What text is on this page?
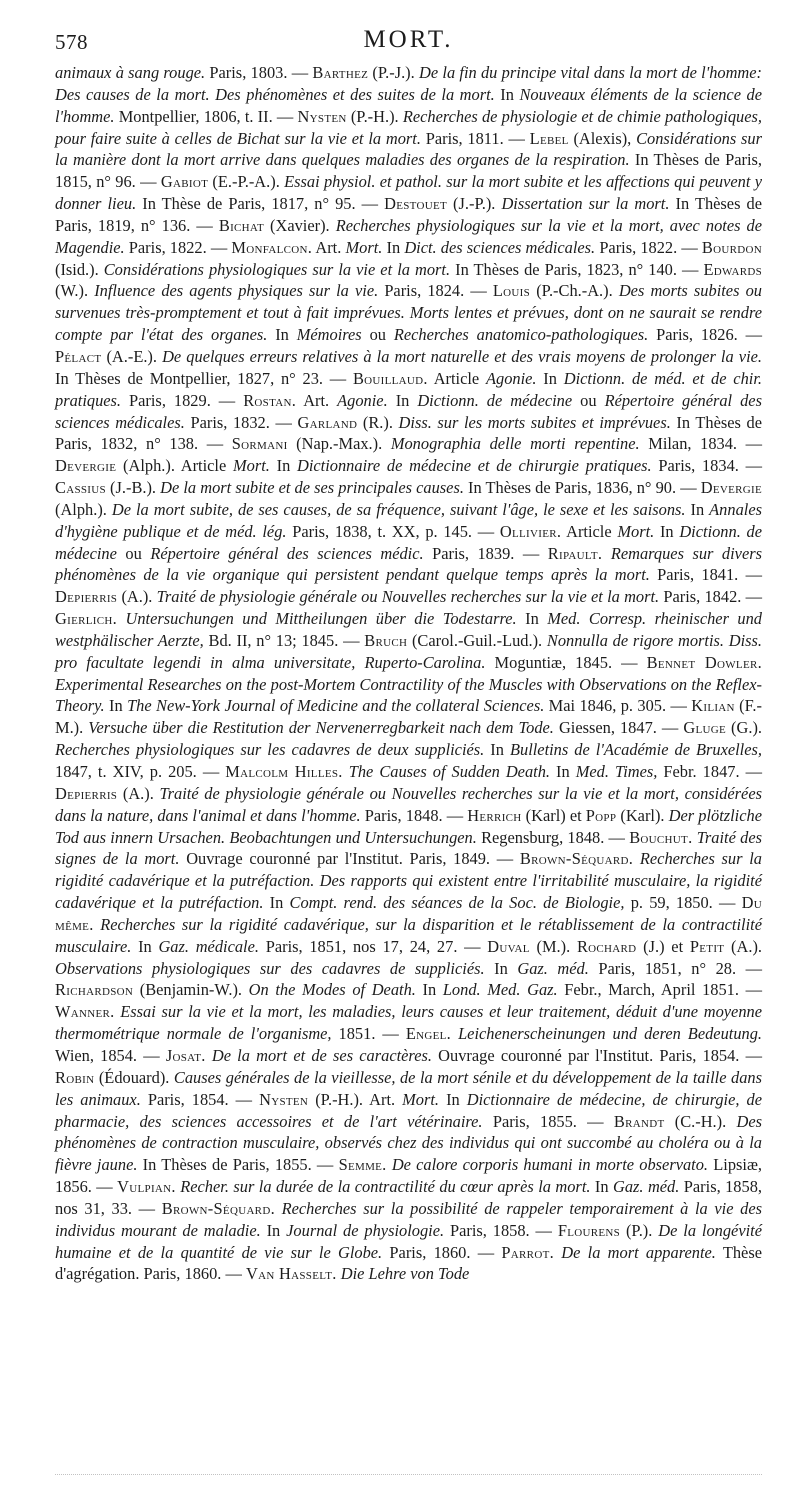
578	MORT.

animaux à sang rouge. Paris, 1803. — Barthez (P.-J.). De la fin du principe vital dans la mort de l'homme: Des causes de la mort. Des phénomènes et des suites de la mort. In Nouveaux éléments de la science de l'homme. Montpellier, 1806, t. II. — Nysten (P.-H.). Recherches de physiologie et de chimie pathologiques, pour faire suite à celles de Bichat sur la vie et la mort. Paris, 1811. — Lebel (Alexis), Considérations sur la manière dont la mort arrive dans quelques maladies des organes de la respiration. In Thèses de Paris, 1815, n° 96. — Gabiot (E.-P.-A.). Essai physiol. et pathol. sur la mort subite et les affections qui peuvent y donner lieu. In Thèse de Paris, 1817, n° 95. — Destouet (J.-P.). Dissertation sur la mort. In Thèses de Paris, 1819, n° 136. — Bichat (Xavier). Recherches physiologiques sur la vie et la mort, avec notes de Magendie. Paris, 1822. — Monfalcon. Art. Mort. In Dict. des sciences médicales. Paris, 1822. — Bourdon (Isid.). Considérations physiologiques sur la vie et la mort. In Thèses de Paris, 1823, n° 140. — Edwards (W.). Influence des agents physiques sur la vie. Paris, 1824. — Louis (P.-Ch.-A.). Des morts subites ou survenues très-promptement et tout à fait imprévues. Morts lentes et prévues, dont on ne saurait se rendre compte par l'état des organes. In Mémoires ou Recherches anatomico-pathologiques. Paris, 1826. — Pélact (A.-E.). De quelques erreurs relatives à la mort naturelle et des vrais moyens de prolonger la vie. In Thèses de Montpellier, 1827, n° 23. — Bouillaud. Article Agonie. In Dictionn. de méd. et de chir. pratiques. Paris, 1829. — Rostan. Art. Agonie. In Dictionn. de médecine ou Répertoire général des sciences médicales. Paris, 1832. — Garland (R.). Diss. sur les morts subites et imprévues. In Thèses de Paris, 1832, n° 138. — Sormani (Nap.-Max.). Monographia delle morti repentine. Milan, 1834. — Devergie (Alph.). Article Mort. In Dictionnaire de médecine et de chirurgie pratiques. Paris, 1834. — Cassius (J.-B.). De la mort subite et de ses principales causes. In Thèses de Paris, 1836, n° 90. — Devergie (Alph.). De la mort subite, de ses causes, de sa fréquence, suivant l'âge, le sexe et les saisons. In Annales d'hygiène publique et de méd. lég. Paris, 1838, t. XX, p. 145. — Ollivier. Article Mort. In Dictionn. de médecine ou Répertoire général des sciences médic. Paris, 1839. — Ripault. Remarques sur divers phénomènes de la vie organique qui persistent pendant quelque temps après la mort. Paris, 1841. — Depierris (A.). Traité de physiologie générale ou Nouvelles recherches sur la vie et la mort. Paris, 1842. — Gierlich. Untersuchungen und Mittheilungen über die Todestarre. In Med. Corresp. rheinischer und westphälischer Aerzte, Bd. II, n° 13; 1845. — Bruch (Carol.-Guil.-Lud.). Nonnulla de rigore mortis. Diss. pro facultate legendi in alma universitate, Ruperto-Carolina. Moguntiæ, 1845. — Bennet Dowler. Experimental Researches on the post-Mortem Contractility of the Muscles with Observations on the Reflex-Theory. In The New-York Journal of Medicine and the collateral Sciences. Mai 1846, p. 305. — Kilian (F.-M.). Versuche über die Restitution der Nervenerregbarkeit nach dem Tode. Giessen, 1847. — Gluge (G.). Recherches physiologiques sur les cadavres de deux suppliciés. In Bulletins de l'Académie de Bruxelles, 1847, t. XIV, p. 205. — Malcolm Hilles. The Causes of Sudden Death. In Med. Times, Febr. 1847. — Depierris (A.). Traité de physiologie générale ou Nouvelles recherches sur la vie et la mort, considérées dans la nature, dans l'animal et dans l'homme. Paris, 1848. — Herrich (Karl) et Popp (Karl). Der plötzliche Tod aus innern Ursachen. Beobachtungen und Untersuchungen. Regensburg, 1848. — Bouchut. Traité des signes de la mort. Ouvrage couronné par l'Institut. Paris, 1849. — Brown-Séquard. Recherches sur la rigidité cadavérique et la putréfaction. Des rapports qui existent entre l'irritabilité musculaire, la rigidité cadavérique et la putréfaction. In Compt. rend. des séances de la Soc. de Biologie, p. 59, 1850. — Du même. Recherches sur la rigidité cadavérique, sur la disparition et le rétablissement de la contractilité musculaire. In Gaz. médicale. Paris, 1851, nos 17, 24, 27. — Duval (M.). Rochard (J.) et Petit (A.). Observations physiologiques sur des cadavres de suppliciés. In Gaz. méd. Paris, 1851, n° 28. — Richardson (Benjamin-W.). On the Modes of Death. In Lond. Med. Gaz. Febr., March, April 1851. — Wanner. Essai sur la vie et la mort, les maladies, leurs causes et leur traitement, déduit d'une moyenne thermométrique normale de l'organisme, 1851. — Engel. Leichenerscheinungen und deren Bedeutung. Wien, 1854. — Josat. De la mort et de ses caractères. Ouvrage couronné par l'Institut. Paris, 1854. — Robin (Édouard). Causes générales de la vieillesse, de la mort sénile et du développement de la taille dans les animaux. Paris, 1854. — Nysten (P.-H.). Art. Mort. In Dictionnaire de médecine, de chirurgie, de pharmacie, des sciences accessoires et de l'art vétérinaire. Paris, 1855. — Brandt (C.-H.). Des phénomènes de contraction musculaire, observés chez des individus qui ont succombé au choléra ou à la fièvre jaune. In Thèses de Paris, 1855. — Semme. De calore corporis humani in morte observato. Lipsiæ, 1856. — Vulpian. Recher. sur la durée de la contractilité du cœur après la mort. In Gaz. méd. Paris, 1858, nos 31, 33. — Brown-Séquard. Recherches sur la possibilité de rappeler temporairement à la vie des individus mourant de maladie. In Journal de physiologie. Paris, 1858. — Flourens (P.). De la longévité humaine et de la quantité de vie sur le Globe. Paris, 1860. — Parrot. De la mort apparente. Thèse d'agrégation. Paris, 1860. — Van Hasselt. Die Lehre von Tode
